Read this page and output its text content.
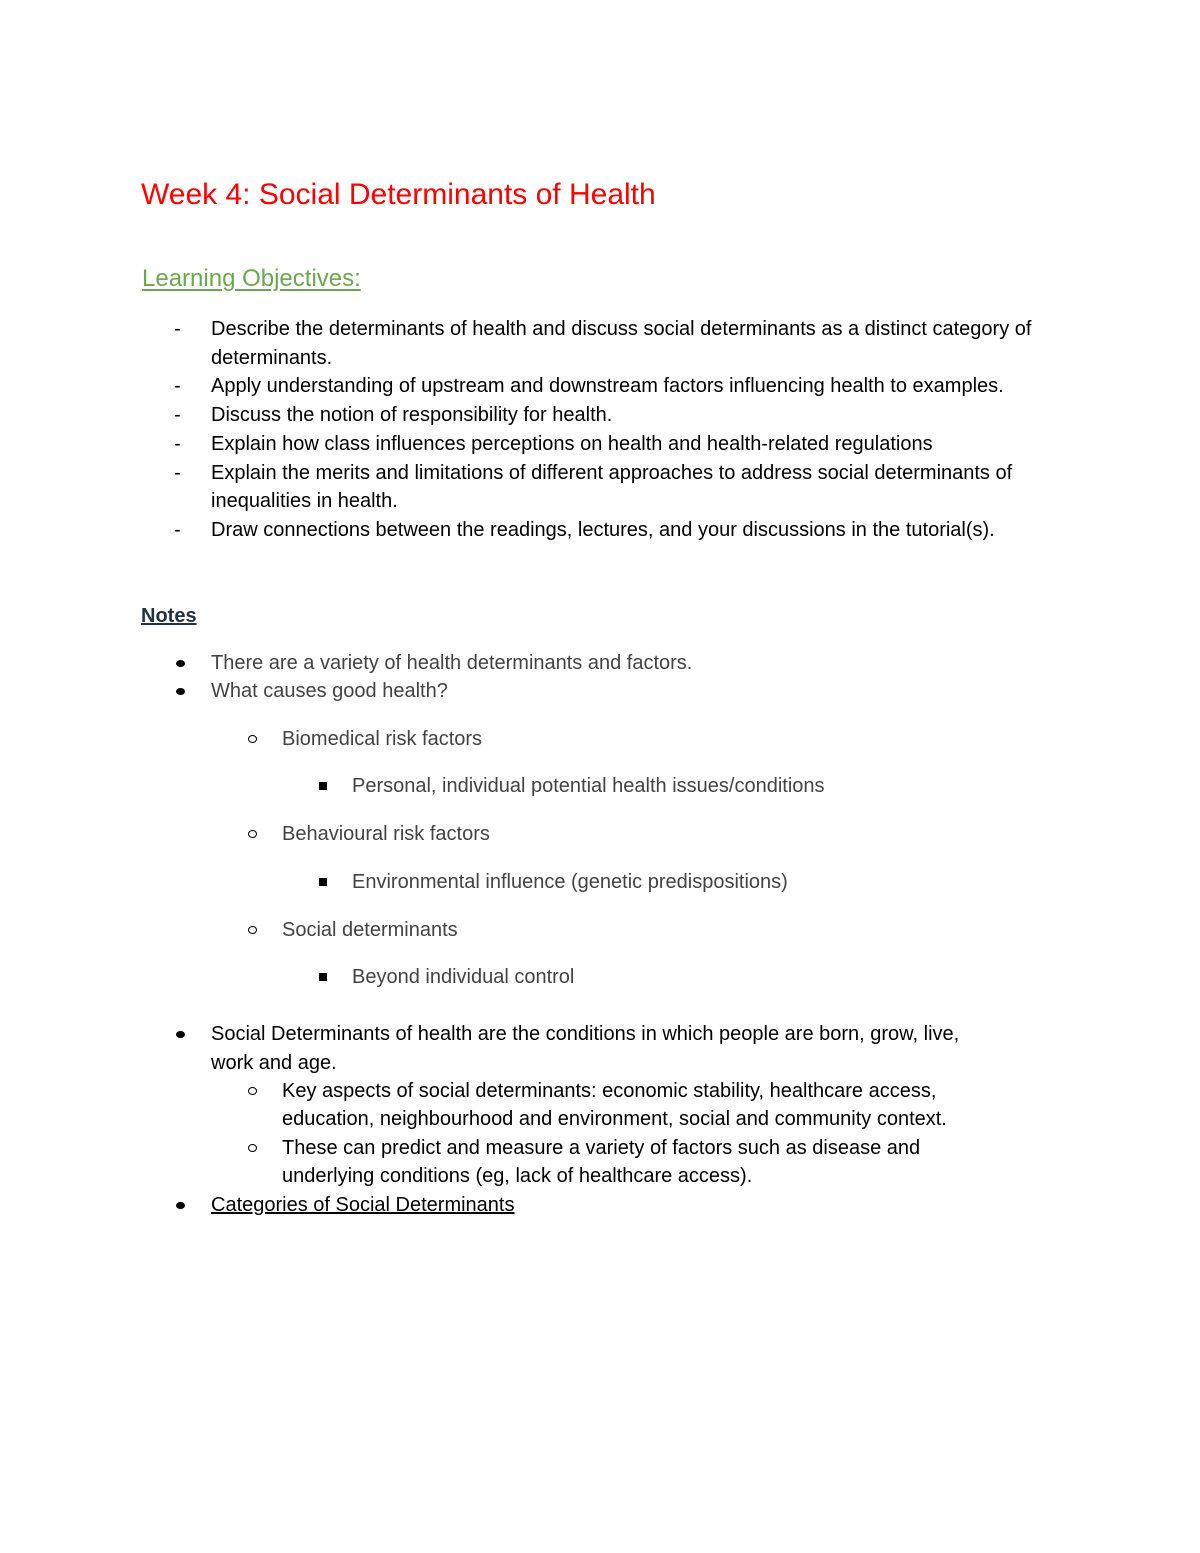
Week 4: Social Determinants of Health
Learning Objectives:
- Describe the determinants of health and discuss social determinants as a distinct category of determinants.
- Apply understanding of upstream and downstream factors influencing health to examples.
- Discuss the notion of responsibility for health.
- Explain how class influences perceptions on health and health-related regulations
- Explain the merits and limitations of different approaches to address social determinants of inequalities in health.
- Draw connections between the readings, lectures, and your discussions in the tutorial(s).
Notes
There are a variety of health determinants and factors.
What causes good health?
Biomedical risk factors
Personal, individual potential health issues/conditions
Behavioural risk factors
Environmental influence (genetic predispositions)
Social determinants
Beyond individual control
Social Determinants of health are the conditions in which people are born, grow, live,
work and age.
Key aspects of social determinants: economic stability, healthcare access,
education, neighbourhood and environment, social and community context.
These can predict and measure a variety of factors such as disease and
underlying conditions (eg, lack of healthcare access).
Categories of Social Determinants
